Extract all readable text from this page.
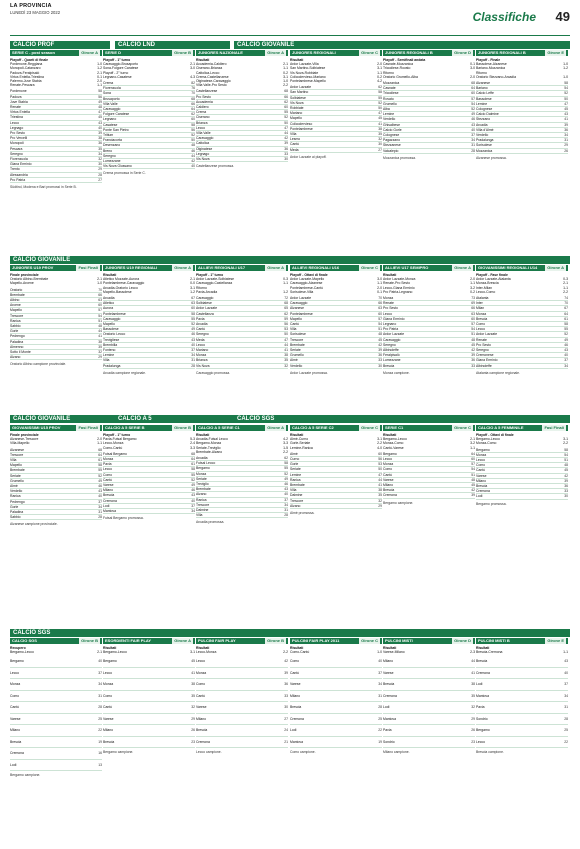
LA PROVINCIA
LUNEDÌ 23 MAGGIO 2022	Classifiche 49
CALCIO PROF	CALCIO LND	CALCIO GIOVANILE
CALCIO GIOVANILE
CALCIO GIOVANILE	CALCIO A 5	CALCIO SGS
CALCIO SGS
SERIE C - post season	Girone A
Playoff - Quarti di finale
Pordenone-Reggiana	1-0
Monopoli-Catanzaro	1-2
Padova-Feralpisalò	2-1
Virtus Entella-Triestina	0-1
Palermo-Juve Stabia	2-0
Renate-Pescara	1-1
Pordenone	58
Padova	56
Juve Stabia	49
Renate	48
Virtus Entella	47
Triestina	45
Lecco	43
Legnago	40
Pro Sesto	39
Pro Vercelli	38
Monopoli	36
Pescara	35
Seregno	34
Fiorenzuola	32
Giana Erminio	30
Trento	29
Alessandria	28
Pro Patria	27
Südtirol, Modena e Bari promossi in Serie B.
SERIE D	Girone B
Playoff - 1° turno
Caravaggio-Brusaporto	2-1
Sona-Folgore Caratese	3-0
Playoff - 2° turno
Legnano-Casatese	4-3
Crema	82
Fiorenzuola	76
Sona	70
Brusaporto	68
Villa Valle	66
Caravaggio	64
Folgore Caratese	62
Legnano	60
Casatese	58
Ponte San Pietro	56
Tritium	52
Franciacorta	50
Desenzano	48
Breno	46
Seregno	44
Lumezzane	42
Vis Nova Giussano	40
Crema promossa in Serie C.
JUNIORES NAZIONALE	Girone A
Risultati
Accademia-Caldiero	2-1
Ciserano-Brianza	1-1
Cattolica-Lecco	0-2
Crema-Castellanzese	3-1
Olginatese-Caravaggio	1-0
Villa Valle-Pro Sesto	2-2
Castellanzese	68
Pro Sesto	66
Accademia	62
Caldiero	60
Crema	55
Ciserano	52
Brianza	50
Lecco	47
Villa Valle	44
Caravaggio	42
Cattolica	39
Olginatese	36
Legnago	33
Vis Nova	30
Castellanzese promossa.
JUNIORES REGIONALI	Girone C
Risultati
Ardor Lazzate-Villa	2-0
San Martino-Solbiatese	3-1
Vis Nova-Robbiate	1-1
Colicodervieso-Mariano	0-2
Pontelambrese-Mapello	4-2
Ardor Lazzate	62
San Martino	58
Solbiatese	55
Vis Nova	52
Robbiate	50
Mariano	47
Mapello	45
Colicodervieso	41
Pontelambrese	38
Villa	35
Lesmo	32
Cantù	30
Meda	27
Ardor Lazzate ai playoff.
JUNIORES REGIONALI B	Girone D
Playoff - Semifinali andata
Casnate-Mozzanica	0-1
Tricodiese-Rovato	3-0
Ritorno
Oratorio Grumello-Alba	2-0
Mozzanica	68
Casnate	64
Tricodiese	60
Rovato	57
Grumello	54
Alba	52
Lemine	49
Verdello	46
Ghisalbese	43
Calcio Gorle	40
Colognese	37
Pagazzano	34
Stezzanese	31
Valcalepio	28
Mozzanica promossa.
JUNIORES REGIONALI B	Girone E
Playoff - Finale
Bassolese-Alzanese	1-0
Bariano-Mozzanica	1-2
Ritorno
Oratorio Stezzano-Arcadia	1-0
Alzanese	58
Bariano	54
Calcio Leffe	52
Bassolese	50
Lemine	47
Colognese	45
Calcio Dalmine	43
Stezzano	41
Arcadia	39
Villa d'Almè	36
Verdello	34
Pradalunga	31
Sorisolese	29
Mozzanica	26
Alzanese promossa.
JUNIORES U19 PROV	Fasi Finali
Finale provinciale
Oratorio Albino-Brembate	2-1
Mapello-Arcene	1-0
Oratorio	70
Brembate	66
Albino	63
Arcene	60
Mapello	57
Trescore	54
Ranica	51
Sabbio	48
Gorle	44
Pedrengo	41
Paladina	38
Almenno	35
Sotto il Monte	32
Alzano	29
Oratorio Albino campione provinciale.
JUNIORES U19 REGIONALI	Girone A
Risultati
Atletico Mozzate-Aurora	2-1
Pontelambrese-Caravaggio	0-0
Arcadia-Oratorio Lecco	3-1
Mapello-Bassolese	1-2
Arcadia	67
Atletico	63
Aurora	60
Pontelambrese	58
Caravaggio	55
Mapello	52
Bassolese	49
Oratorio Lecco	46
Trevigliese	43
Brembilla	40
Fonteno	37
Lemine	34
Villa	31
Pradalunga	28
Arcadia campione regionale.
ALLIEVI REGIONALI U17	Girone A
Playoff - 1° turno
Ardor Lazzate-Solbiatese	0-3
Caravaggio-Castellanza	1-1
Ritorno
Pavia-Arcadia	1-2
Caravaggio	72
Solbiatese	68
Ardor Lazzate	65
Castellanza	62
Pavia	59
Arcadia	56
Cantù	53
Seregno	50
Meda	47
Lecco	44
Mariano	41
Monza	38
Brianza	35
Vis Nova	32
Caravaggio promossa.
ALLIEVI REGIONALI U16	Girone C
Playoff - Ottavi di finale
Ardor Lazzate-Mapello	3-0
Caravaggio-Alzanese	1-1
Pontelambrese-Cantù	2-0
Sorisolese-Villa	0-1
Ardor Lazzate	70
Caravaggio	66
Alzanese	63
Pontelambrese	60
Mapello	57
Cantù	54
Villa	51
Sorisolese	48
Trescore	45
Brembate	42
Seriate	39
Grumello	36
Almè	33
Verdello	30
Ardor Lazzate promossa.
ALLIEVI U17 SEMIPRO	Girone A
Risultati
Ardor Lazzate-Monza	2-0
Renate-Pro Sesto	1-1
Lecco-Giana Erminio	3-2
Pro Patria-Legnano	0-2
Monza	73
Renate	69
Pro Sesto	66
Lecco	63
Giana Erminio	60
Legnano	57
Pro Patria	54
Ardor Lazzate	51
Caravaggio	48
Seregno	45
Albinoleffe	42
Feralpisalò	39
Lumezzane	36
Brescia	33
Monza campione.
GIOVANISSIMI REGIONALI U14	Girone A
Playoff - Fase finale
Ardor Lazzate-Atalanta	0-3
Monza-Brescia	2-1
Inter-Milan	1-1
Lecco-Como	2-2
Atalanta	74
Inter	70
Milan	67
Monza	64
Brescia	61
Como	58
Lecco	55
Ardor Lazzate	52
Renate	49
Pro Sesto	46
Seregno	43
Cremonese	40
Giana Erminio	37
Albinoleffe	34
Atalanta campione regionale.
GIOVANISSIMI U15 PROV	Fasi Finali
Finale provinciale
Alzanese-Trescore	2-0
Villa-Mapello	1-1
Alzanese	68
Trescore	64
Villa	61
Mapello	58
Brembate	55
Seriate	52
Grumello	49
Almè	46
Verdello	43
Ranica	40
Pedrengo	37
Gorle	34
Paladina	31
Sabbio	28
Alzanese campione provinciale.
CALCIO A 5 SERIE B	Girone B
Playoff - 1° turno
Pavia-Futsal Bergamo	5-3
Lecco-Monza	2-4
Como-Cantù	3-3
Futsal Bergamo	68
Monza	64
Pavia	61
Lecco	58
Como	55
Cantù	52
Varese	49
Milano	46
Brescia	43
Cremona	40
Lodi	37
Mantova	34
Futsal Bergamo promossa.
CALCIO A 5 SERIE C1	Girone A
Risultati
Arcadia-Futsal Lecco	4-2
Bergamo-Monza	3-3
Seriate-Treviglio	1-5
Brembate-Alzano	2-2
Arcadia	62
Futsal Lecco	58
Bergamo	55
Monza	52
Seriate	49
Treviglio	46
Brembate	43
Alzano	40
Ranica	37
Trescore	34
Dalmine	31
Villa	28
Arcadia promossa.
CALCIO A 5 SERIE C2	Girone C
Risultati
Almè-Curno	3-1
Gorle-Seriate	2-2
Lemine-Ranica	4-0
Almè	60
Curno	56
Gorle	53
Seriate	50
Lemine	47
Ranica	44
Brembate	41
Villa	38
Dalmine	35
Trescore	32
Alzano	29
Almè promossa.
SERIE C1	Girone C
Risultati
Bergamo-Lecco	2-1
Monza-Como	3-2
Cantù-Varese	1-1
Bergamo	64
Lecco	60
Monza	57
Como	54
Cantù	51
Varese	48
Milano	45
Brescia	42
Cremona	39
Bergamo campione.
CALCIO A 5 FEMMINILE	Fasi Finali
Playoff - Ottavi di finale
Bergamo-Lecco	3-1
Monza-Como	2-2
Bergamo	58
Monza	54
Lecco	51
Como	48
Cantù	45
Varese	42
Milano	39
Brescia	36
Cremona	33
Lodi	30
Bergamo promossa.
CALCIO SGS	Girone B
Recupero
Bergamo-Lecco	2-1
Bergamo	40
Lecco	37
Monza	34
Como	31
Cantù	28
Varese	25
Milano	22
Brescia	19
Cremona	16
Lodi	13
Bergamo campione.
ESORDIENTI FAIR PLAY	Girone A
Risultati
Bergamo-Lecco	3-1
Bergamo	45
Lecco	41
Monza	38
Como	35
Cantù	32
Varese	29
Milano	26
Brescia	23
Bergamo campione.
PULCINI FAIR PLAY	Girone B
Risultati
Lecco-Monza	2-2
Lecco	42
Monza	39
Como	36
Cantù	33
Varese	30
Milano	27
Brescia	24
Cremona	21
Lecco campione.
PULCINI FAIR PLAY 2011	Girone C
Risultati
Como-Cantù	1-0
Como	40
Cantù	37
Varese	34
Milano	31
Brescia	28
Cremona	25
Lodi	22
Mantova	19
Como campione.
PULCINI MISTI	Girone D
Risultati
Varese-Milano	2-3
Milano	44
Varese	41
Brescia	38
Cremona	35
Lodi	32
Mantova	29
Pavia	26
Sondrio	23
Milano campione.
PULCINI MISTI B	Girone E
Risultati
Brescia-Cremona	1-1
Brescia	43
Cremona	40
Lodi	37
Mantova	34
Pavia	31
Sondrio	28
Bergamo	25
Lecco	22
Brescia campione.
